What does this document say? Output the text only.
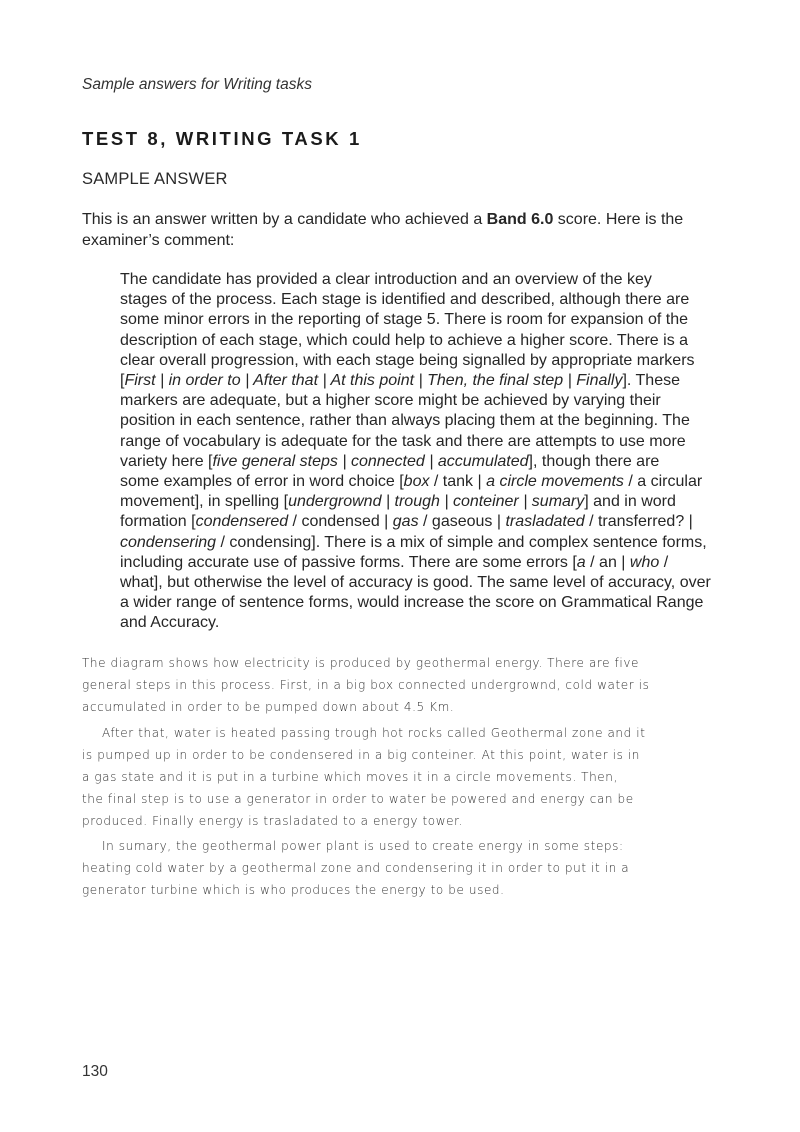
Sample answers for Writing tasks
TEST 8, WRITING TASK 1
SAMPLE ANSWER

This is an answer written by a candidate who achieved a Band 6.0 score. Here is the

examiner’s comment:

The candidate has provided a clear introduction and an overview of the key
stages of the process. Each stage is identified and described, although there are
some minor errors in the reporting of stage 5. There is room for expansion of the
description of each stage, which could help to achieve a higher score. There is a
clear overall progression, with each stage being signalled by appropriate markers
[First | in order to | After that | At this point | Then, the final step | Finally]. These
markers are adequate, but a higher score might be achieved by varying their
position in each sentence, rather than always placing them at the beginning. The
range of vocabulary is adequate for the task and there are attempts to use more
variety here [five general steps | connected | accumulated], though there are
some examples of error in word choice [box / tank | a circle movements / a circular
movement], in spelling [undergrownd | trough | conteiner | sumary] and in word
formation [condensered / condensed | gas / gaseous | trasladated / transferred? |
condensering / condensing]. There is a mix of simple and complex sentence forms,
including accurate use of passive forms. There are some errors [a / an | who /
what], but otherwise the level of accuracy is good. The same level of accuracy, over
a wider range of sentence forms, would increase the score on Grammatical Range
and Accuracy.
The diagram shows how electricity is produced by geothermal energy. There are five
general steps in this process. First, in a big box connected undergrownd, cold water is
accumulated in order to be pumped down about 4.5 Km.
After that, water is heated passing trough hot rocks called Geothermal zone and it
is pumped up in order to be condensered in a big conteiner. At this point, water is in
a gas state and it is put in a turbine which moves it in a circle movements. Then,
the final step is to use a generator in order to water be powered and energy can be
produced. Finally energy is trasladated to a energy tower.
In sumary, the geothermal power plant is used to create energy in some steps:
heating cold water by a geothermal zone and condensering it in order to put it in a
generator turbine which is who produces the energy to be used.
130
